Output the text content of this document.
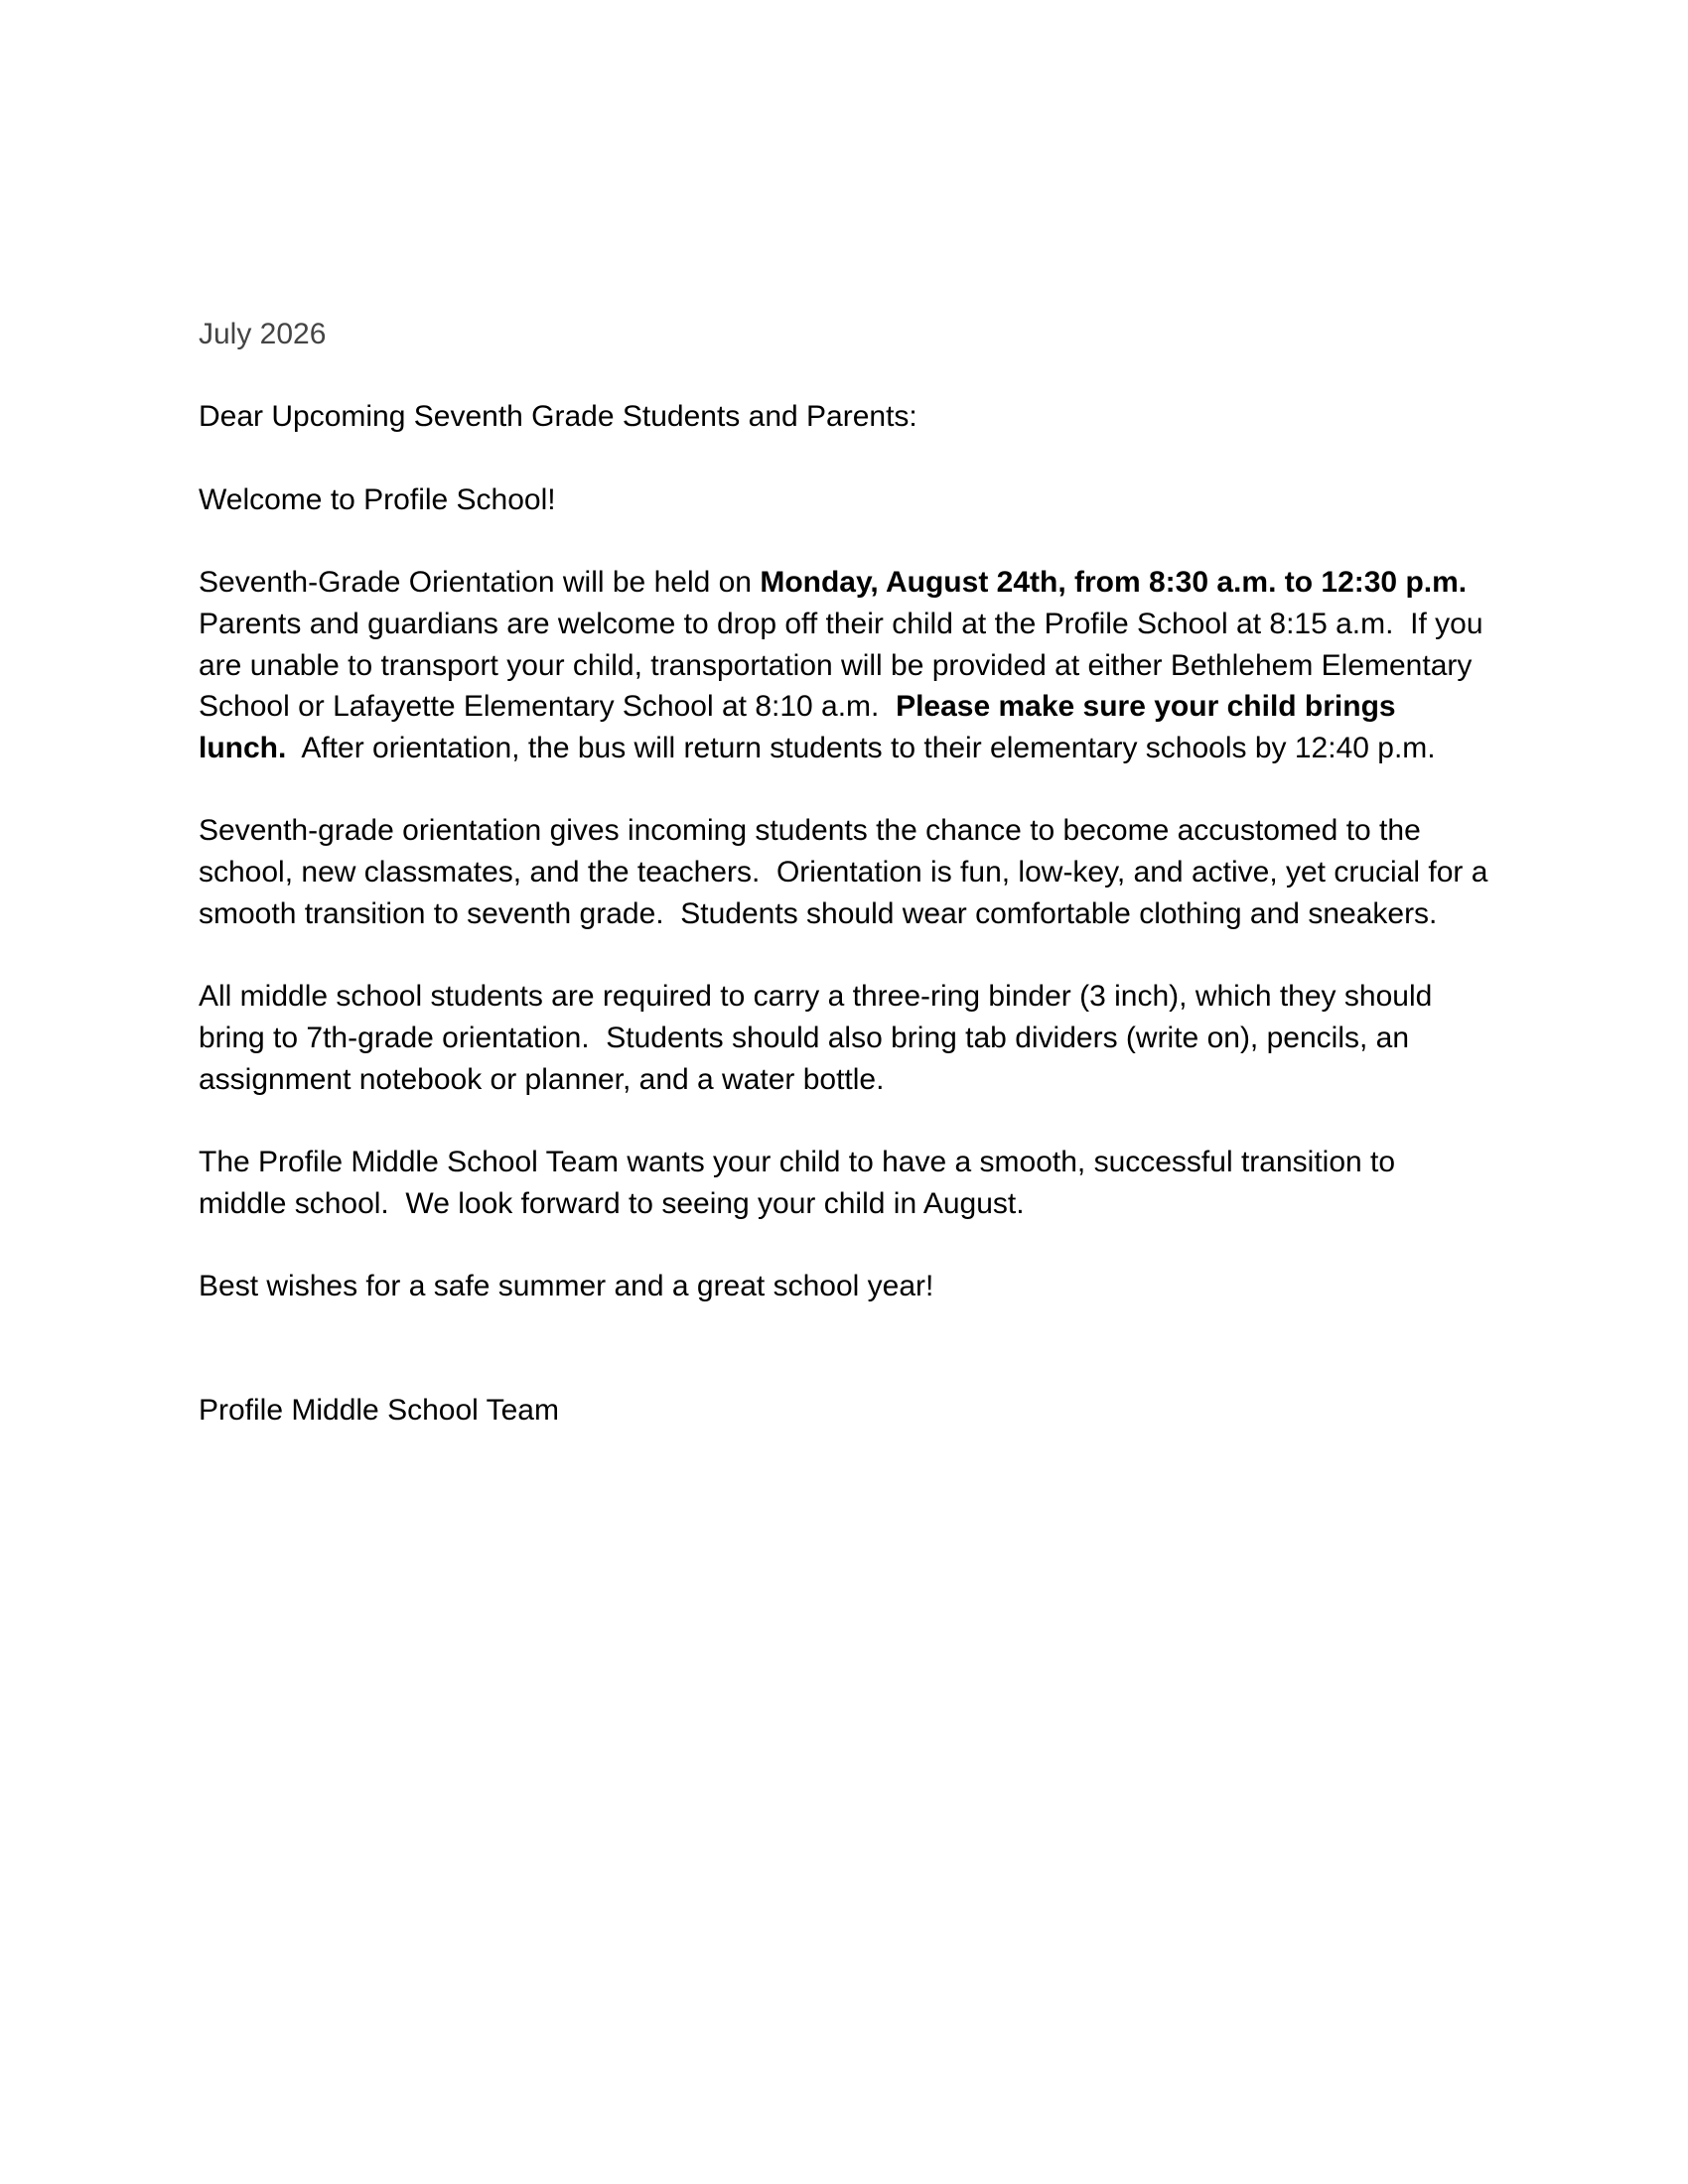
July 2026

Dear Upcoming Seventh Grade Students and Parents:

Welcome to Profile School!

Seventh-Grade Orientation will be held on Monday, August 24th, from 8:30 a.m. to 12:30 p.m.  Parents and guardians are welcome to drop off their child at the Profile School at 8:15 a.m.  If you are unable to transport your child, transportation will be provided at either Bethlehem Elementary School or Lafayette Elementary School at 8:10 a.m.  Please make sure your child brings lunch.  After orientation, the bus will return students to their elementary schools by 12:40 p.m.

Seventh-grade orientation gives incoming students the chance to become accustomed to the school, new classmates, and the teachers.  Orientation is fun, low-key, and active, yet crucial for a smooth transition to seventh grade.  Students should wear comfortable clothing and sneakers.

All middle school students are required to carry a three-ring binder (3 inch), which they should bring to 7th-grade orientation.  Students should also bring tab dividers (write on), pencils, an assignment notebook or planner, and a water bottle.

The Profile Middle School Team wants your child to have a smooth, successful transition to middle school.  We look forward to seeing your child in August.

Best wishes for a safe summer and a great school year!

Profile Middle School Team
